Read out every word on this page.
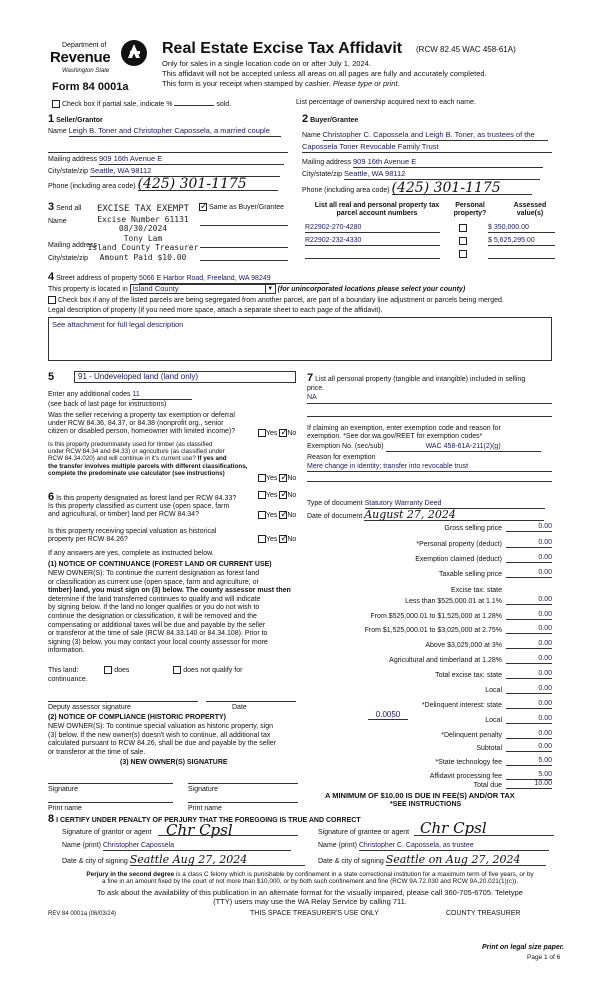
Department of
Revenue
Washington State
Form 84 0001a
Real Estate Excise Tax Affidavit (RCW 82.45 WAC 458-61A)
Only for sales in a single location code on or after July 1, 2024.
This affidavit will not be accepted unless all areas on all pages are fully and accurately completed.
This form is your receipt when stamped by cashier. Please type or print.
Check box if partial sale, indicate %	sold.	List percentage of ownership acquired next to each name.
1 Seller/Grantor
Name Leigh B. Toner and Christopher Capossela, a married couple
Mailing address 909 16th Avenue E
City/state/zip Seattle, WA 98112
Phone (including area code) (425) 301-1175
2 Buyer/Grantee
Name Christopher C. Capossela and Leigh B. Toner, as trustees of the
Capossela Toner Revocable Family Trust
Mailing address 909 16th Avenue E
City/state/zip Seattle, WA 98112
Phone (including area code) (425) 301-1175
3 Send all ✓	Same as Buyer/Grantee
Name
Mailing address
City/state/zip
EXCISE TAX EXEMPT
Excise Number 61131
08/30/2024
Tony Lam
Island County Treasurer
Amount Paid $10.00
List all real and personal property tax
parcel account numbers
Personal
property?
Assessed
value(s)
R22902-270-4280	$ 350,000.00
R22902-232-4330	$ 5,625,295.00
4 Street address of property 5066 E Harbor Road, Freeland, WA 98249
This property is located in Island County	▼ (for unincorporated locations please select your county)
Check box if any of the listed parcels are being segregated from another parcel, are part of a boundary line adjustment or parcels being merged.
Legal description of property (if you need more space, attach a separate sheet to each page of the affidavit).
See attachment for full legal description
5	91 - Undeveloped land (land only)
Enter any additional codes 11
(see back of last page for instructions)
Was the seller receiving a property tax exemption or deferral
under RCW 84.36, 84.37, or 84.38 (nonprofit org., senior
citizen or disabled person, homeowner with limited income)?	Yes ✓ No
Is this property predominately used for timber (as classified
under RCW 84.34 and 84.33) or agriculture (as classified under
RCW 84.34.020) and will continue in it's current use? If yes and
the transfer involves multiple parcels with different classifications,
complete the predominate use calculator (see instructions)
Yes ✓ No
6 Is this property designated as forest land per RCW 84.33?	Yes ✓ No
Is this property classified as current use (open space, farm
and agricultural, or timber) land per RCW 84.34?	Yes ✓ No
Is this property receiving special valuation as historical
property per RCW 84.26?	Yes ✓ No
If any answers are yes, complete as instructed below.
(1) NOTICE OF CONTINUANCE (FOREST LAND OR CURRENT USE)
NEW OWNER(S): To continue the current designation as forest land
or classification as current use (open space, farm and agriculture, or
timber) land, you must sign on (3) below. The county assessor must then
determine if the land transferred continues to qualify and will indicate
by signing below. If the land no longer qualifies or you do not wish to
continue the designation or classification, it will be removed and the
compensating or additional taxes will be due and payable by the seller
or transferor at the time of sale (RCW 84.33.140 or 84.34.108). Prior to
signing (3) below, you may contact your local county assessor for more
information.
This land:	does	does not qualify for
continuance.
Deputy assessor signature	Date
(2) NOTICE OF COMPLIANCE (HISTORIC PROPERTY)
NEW OWNER(S): To continue special valuation as historic property, sign
(3) below. If the new owner(s) doesn't wish to continue, all additional tax
calculated pursuant to RCW 84.26, shall be due and payable by the seller
or transferor at the time of sale.
(3) NEW OWNER(S) SIGNATURE
Signature	Signature
Print name	Print name
7 List all personal property (tangible and intangible) included in selling
price.
NA
If claiming an exemption, enter exemption code and reason for
exemption. *See dor.wa.gov/REET for exemption codes*
Exemption No. (sec/sub)	WAC 458-61A-211(2)(g)
Reason for exemption
Mere change in identity; transfer into revocable trust
Type of document Statutory Warranty Deed
Date of document August 27, 2024
Gross selling price	0.00
*Personal property (deduct)	0.00
Exemption claimed (deduct)	0.00
Taxable selling price	0.00
Excise tax: state
Less than $525,000.01 at 1.1%	0.00
From $525,000.01 to $1,525,000 at 1.28%	0.00
From $1,525,000.01 to $3,025,000 at 2.75%	0.00
Above $3,025,000 at 3%	0.00
Agricultural and timberland at 1.28%	0.00
Total excise tax: state	0.00
Local	0.00
*Delinquent interest: state	0.00
Local	0.00
*Delinquent penalty	0.00
Subtotal	0.00
*State technology fee	5.00
Affidavit processing fee	5.00
Total due	10.00
0.0050
A MINIMUM OF $10.00 IS DUE IN FEE(S) AND/OR TAX
*SEE INSTRUCTIONS
8 I CERTIFY UNDER PENALTY OF PERJURY THAT THE FOREGOING IS TRUE AND CORRECT
Signature of grantor or agent Chr Cpsl	Signature of grantee or agent Chr Cpsl
Name (print) Christopher Capossela	Name (print) Christopher C. Capossela, as trustee
Date & city of signing Seattle Aug 27, 2024	Date & city of signing Seattle on Aug 27, 2024
Perjury in the second degree is a class C felony which is punishable by confinement in a state correctional institution for a maximum term of five years, or by
a fine in an amount fixed by the court of not more than $10,000, or by both such confinement and fine (RCW 9A.72.030 and RCW 9A.20.021(1)(c)).
To ask about the availability of this publication in an alternate format for the visually impaired, please call 360-705-6705. Teletype
(TTY) users may use the WA Relay Service by calling 711.
REV 84 0001a (06/03/24)	THIS SPACE TREASURER'S USE ONLY	COUNTY TREASURER
Print on legal size paper.
Page 1 of 6
